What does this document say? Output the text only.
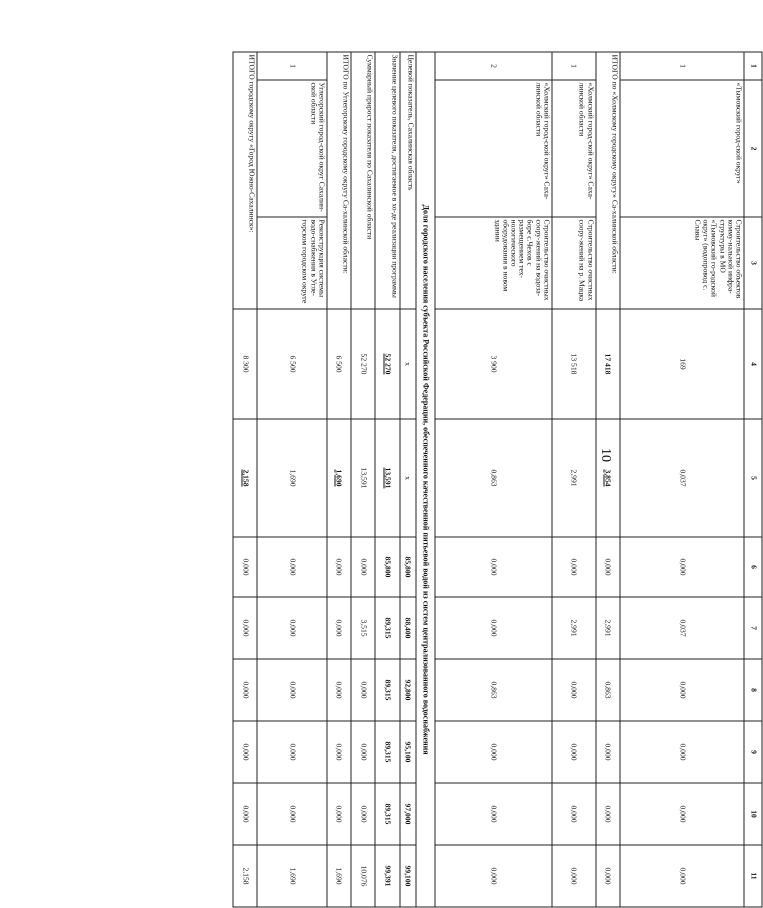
10
1	2	3	4	5	6	7	8	9	10	11
1	«Тымовский город-ской округ»	Строительство объектов комму-нальной инфра-структуры в МО «Тымовский го-родской округ» (водопровод с. Славы	169	0,037	0,000	0,037	0,000	0,000	0,000	0,000
ИТОГО по «Холмскому городскому округу» Са-халинской области:			17 418	3,854	0,000	2,991	0,863	0,000	0,000	0,000
1	«Холмский город-ской округ» Саха-линской области	Строительство очистных соору-жений на р. Мацка	13 518	2,991	0,000	2,991	0,000	0,000	0,000	0,000
2	«Холмский город-ской округ» Саха-линской области	Строительство очистных соору-жений на водоза-боре с.Чехов с размещением тех-нологического оборудования в новом здании	3 900	0,863	0,000	0,000	0,863	0,000	0,000	0,000
Доля городского населения субъекта Российской Федерации, обеспеченного качественной питьевой водой из систем централизованного водоснабжения										
Целевой показатель, Сахалинская область			x	x	85,800	88,400	92,800	95,100	97,000	99,100
Значение целевого показателя, достигаемое в хо-де реализации программы			52 270	13,591	85,800	89,315	89,315	89,315	89,315	99,391
Суммарный прирост показателя по Сахалинской области			52 270	13,591	0,000	3,515	0,000	0,000	0,000	10,076
ИТОГО по Углегорскому городскому округу Са-халинской области:			6 500	1,690	0,000	0,000	0,000	0,000	0,000	1,690
1	Углегорский город-ской округ Сахалин-ской области	Реконструкция системы водо-снабжения в Угле-горском городском округе	6 500	1,690	0,000	0,000	0,000	0,000	0,000	1,690
ИТОГО городскому округу «Город Южно-Сахалинск»:			8 300	2,158	0,000	0,000	0,000	0,000	0,000	2,158
